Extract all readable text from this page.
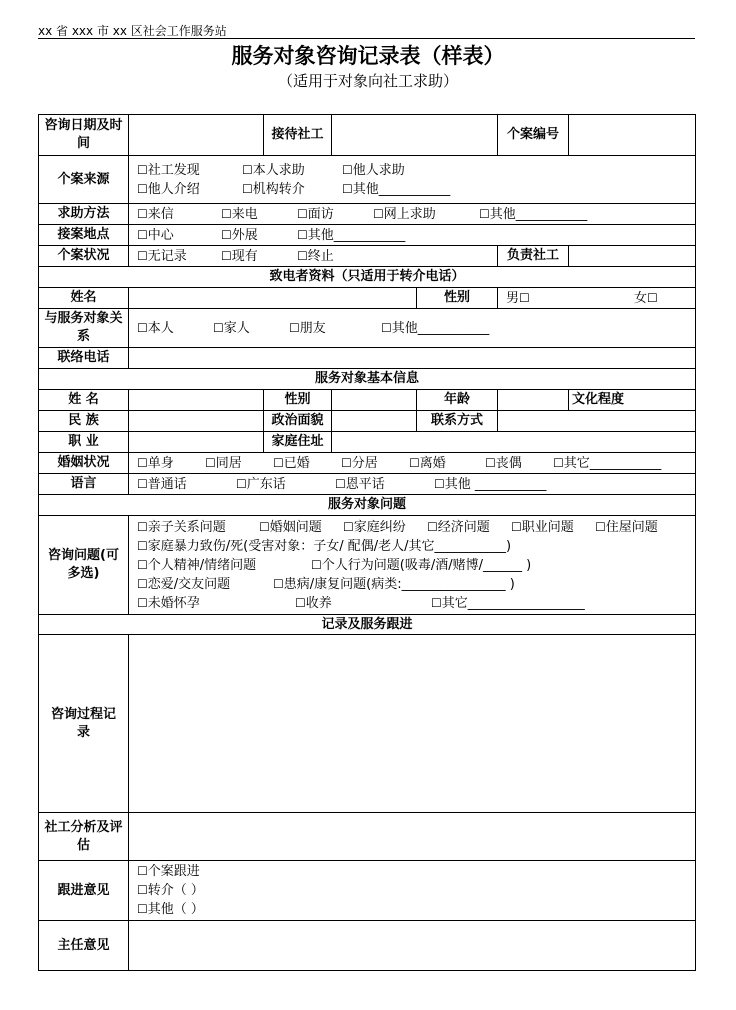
xx 省 xxx 市 xx 区社会工作服务站
服务对象咨询记录表（样表）
（适用于对象向社工求助）
咨询日期及时间		接待社工			个案编号	
个案来源	☐社工发现 ☐本人求助 ☐他人求助
☐他人介绍 ☐机构转介 ☐其他___________					

求助方法	☐来信 ☐来电 ☐面访 ☐网上求助 ☐其他___________					
接案地点	☐中心 ☐外展 ☐其他___________					
个案状况	☐无记录 ☐现有 ☐终止				负责社工	
致电者资料（只适用于转介电话）						
姓名				性别	男☐ 女☐	
与服务对象关系	☐本人 ☐家人 ☐朋友 ☐其他___________					
联络电话						
服务对象基本信息						
姓 名		性别		年龄		文化程度
民 族		政治面貌		联系方式		
职 业		家庭住址				
婚姻状况	☐单身 ☐同居 ☐已婚 ☐分居 ☐离婚 ☐丧偶 ☐其它___________					
语言	☐普通话 ☐广东话 ☐恩平话 ☐其他 ___________					
服务对象问题						
咨询问题(可多选)	☐亲子关系问题 ☐婚姻问题 ☐家庭纠纷 ☐经济问题 ☐职业问题 ☐住屋问题
☐家庭暴力致伤/死(受害对象：子女/ 配偶/老人/其它___________)
☐个人精神/情绪问题 ☐个人行为问题(吸毒/酒/赌博/______ )
☐恋爱/交友问题 ☐患病/康复问题(病类:________________ )
☐未婚怀孕 ☐收养 ☐其它__________________					

记录及服务跟进						
咨询过程记录						
社工分析及评估						
跟进意见	☐个案跟进
☐转介（ ）
☐其他（ ）					

主任意见						
